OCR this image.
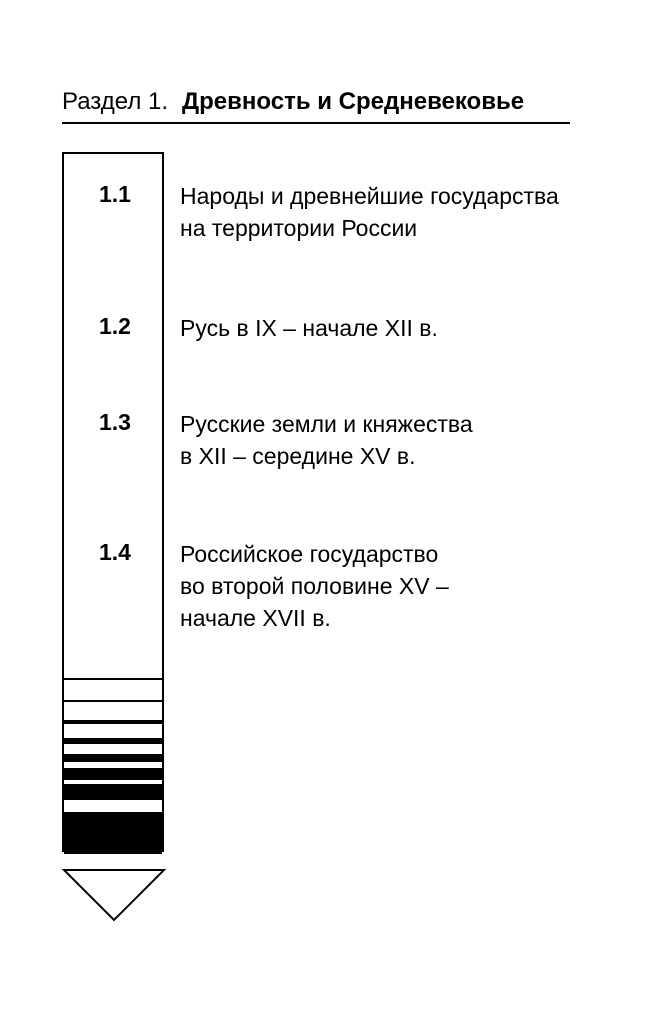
Раздел 1. Древность и Средневековье
1.1	Народы и древнейшие государства
на территории России
1.2	Русь в IX – начале XII в.
1.3	Русские земли и княжества
в XII – середине XV в.
1.4	Российское государство
во второй половине XV –
начале XVII в.
